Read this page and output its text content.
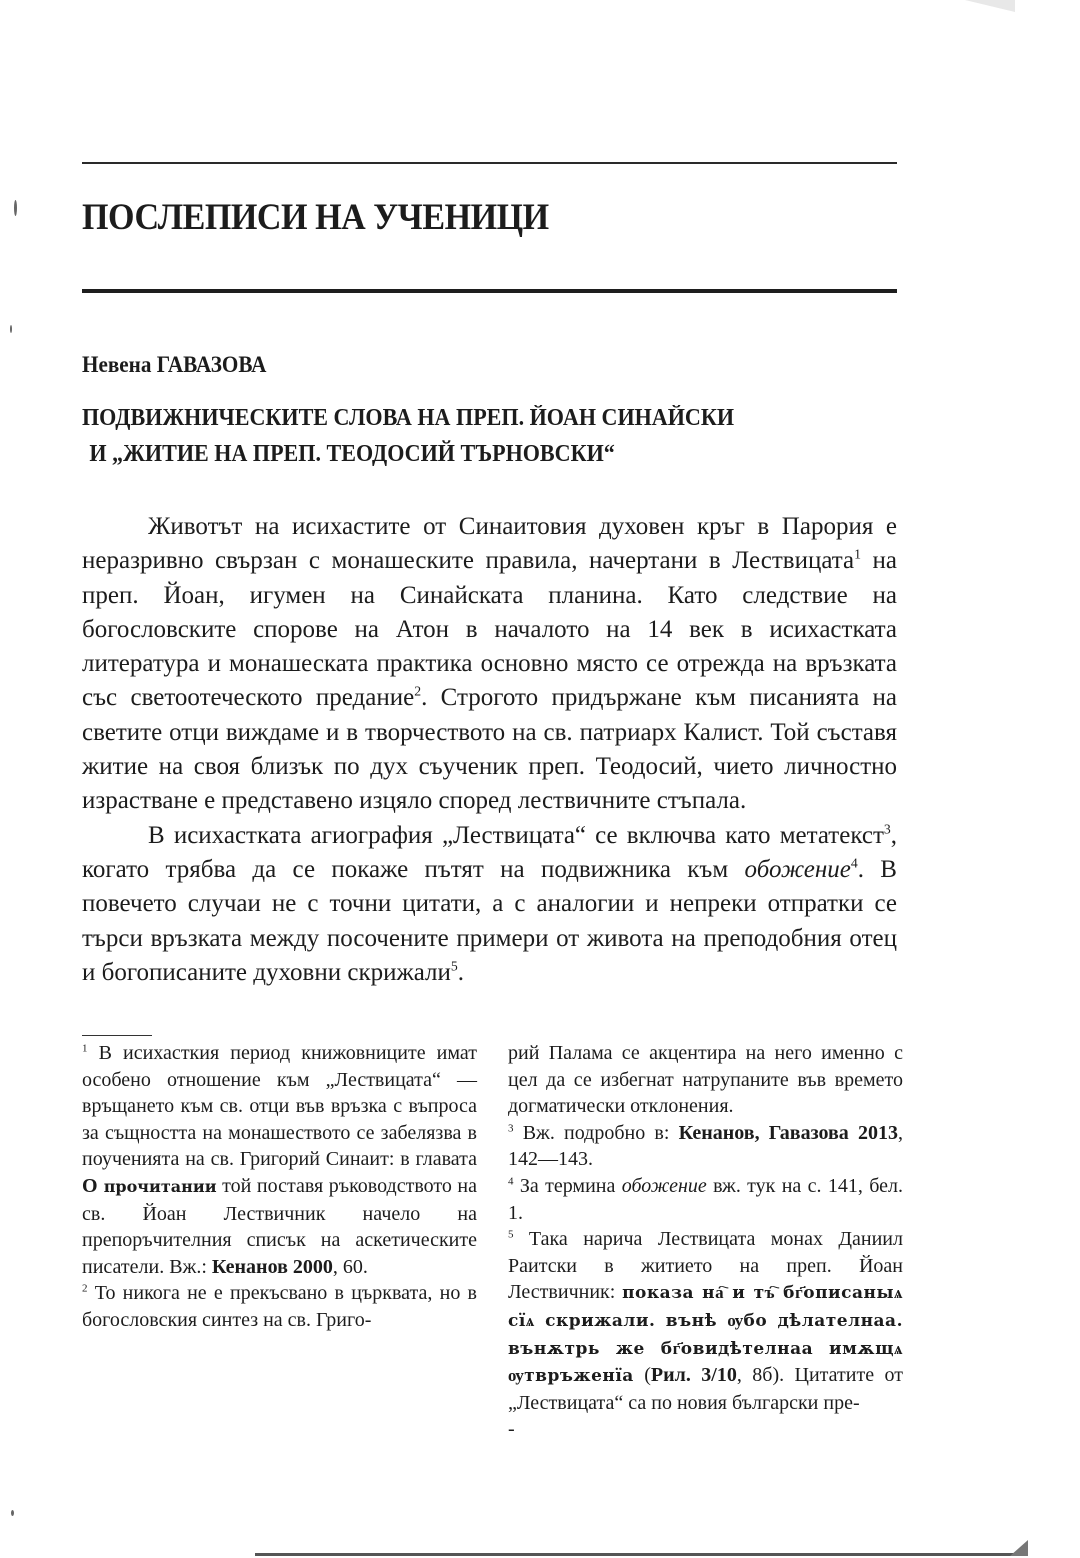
ПОСЛЕПИСИ НА УЧЕНИЦИ
Невена ГАВАЗОВА
ПОДВИЖНИЧЕСКИТЕ СЛОВА НА ПРЕП. ЙОАН СИНАЙСКИ
И „ЖИТИЕ НА ПРЕП. ТЕОДОСИЙ ТЪРНОВСКИ“

Животът на исихастите от Синаитовия духовен кръг в Парория е неразривно свързан с монашеските правила, начертани в Лествицата$^1$ на преп. Йоан, игумен на Синайската планина. Като следствие на богословските спорове на Атон в началото на 14 век в исихастката литература и монашеската практика основно място се отрежда на връзката със светоотеческото предание$^2$. Строгото придържане към писанията на светите отци виждаме и в творчеството на св. патриарх Калист. Той съставя житие на своя близък по дух съученик преп. Теодосий, чието личностно израстване е представено изцяло според лествичните стъпала.

В исихастката агиография „Лествицата“ се включва като метатекст$^3$, когато трябва да се покаже пътят на подвижника към обожение$^4$. В повечето случаи не с точни цитати, а с аналогии и непреки отпратки се търси връзката между посочените примери от живота на преподобния отец и богописаните духовни скрижали$^5$.

$^1$ В исихасткия период книжовниците имат особено отношение към „Лествицата“ — връщането към св. отци във връзка с въпроса за същността на монашеството се забелязва в поученията на св. Григорий Синаит: в главата О прочитании той поставя ръководството на св. Йоан Лествичник начело на препоръчителния списък на аскетическите писатели. Вж.: Кенанов 2000, 60.

$^2$ То никога не е прекъсвано в църквата, но в богословския синтез на св. Григо-

рий Палама се акцентира на него именно с цел да се избегнат натрупаните във времето догматически отклонения.

$^3$ Вж. подробно в: Кенанов, Гавазова 2013, 142—143.

$^4$ За термина обожение вж. тук на с. 141, бел. 1.

$^5$ Така нарича Лествицата монах Даниил Раитски в житието на преп. Йоан Лествичник: показа на҇ и тъ҇ бг҃описаныѧ сїѧ скрижали. вънѣ ѹбо дѣлателнаа. вънѫтрь же бг҃овидѣтелнаа имѫщѧ ѹтвръженїа (Рил. 3/10, 8б). Цитатите от „Лествицата“ са по новия български пре-

-
